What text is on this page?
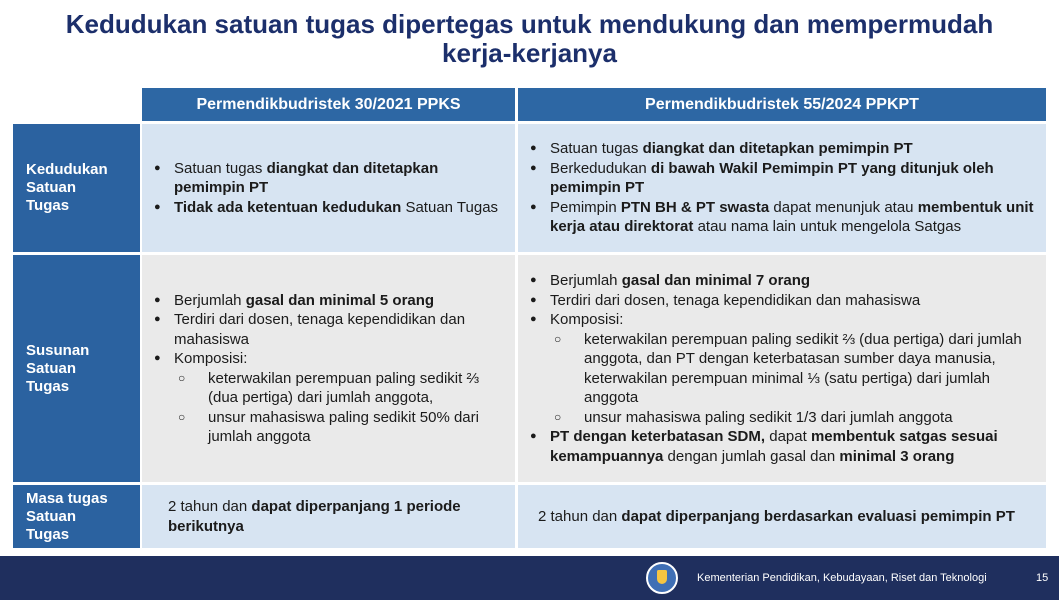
Kedudukan satuan tugas dipertegas untuk mendukung dan mempermudah
kerja-kerjanya
Permendikbudristek 30/2021 PPKS	Permendikbudristek 55/2024 PPKPT
Kedudukan
Satuan
Tugas
Susunan
Satuan
Tugas
Masa tugas
Satuan
Tugas
● Satuan tugas diangkat dan ditetapkan pemimpin PT
● Tidak ada ketentuan kedudukan Satuan Tugas
● Satuan tugas diangkat dan ditetapkan pemimpin PT
● Berkedudukan di bawah Wakil Pemimpin PT yang ditunjuk oleh pemimpin PT
● Pemimpin PTN BH & PT swasta dapat menunjuk atau membentuk unit kerja atau direktorat atau nama lain untuk mengelola Satgas
● Berjumlah gasal dan minimal 5 orang
● Terdiri dari dosen, tenaga kependidikan dan mahasiswa
● Komposisi:
○ keterwakilan perempuan paling sedikit ⅔ (dua pertiga) dari jumlah anggota,
○ unsur mahasiswa paling sedikit 50% dari jumlah anggota
● Berjumlah gasal dan minimal 7 orang
● Terdiri dari dosen, tenaga kependidikan dan mahasiswa
● Komposisi:
○ keterwakilan perempuan paling sedikit ⅔ (dua pertiga) dari jumlah anggota, dan PT dengan keterbatasan sumber daya manusia, keterwakilan perempuan minimal ⅓ (satu pertiga) dari jumlah anggota
○ unsur mahasiswa paling sedikit 1/3 dari jumlah anggota
● PT dengan keterbatasan SDM, dapat membentuk satgas sesuai kemampuannya dengan jumlah gasal dan minimal 3 orang
2 tahun dan dapat diperpanjang 1 periode berikutnya
2 tahun dan dapat diperpanjang berdasarkan evaluasi pemimpin PT
Kementerian Pendidikan, Kebudayaan, Riset dan Teknologi	15
